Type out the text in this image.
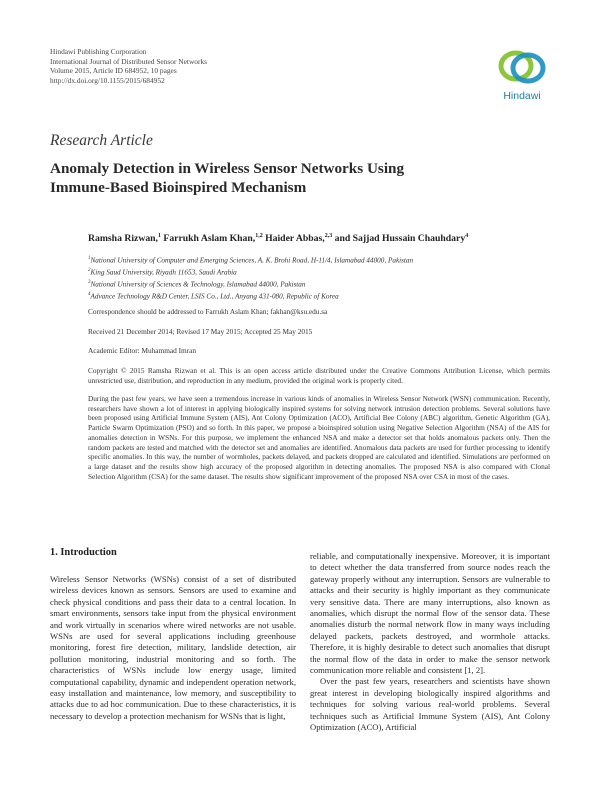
Hindawi Publishing Corporation
International Journal of Distributed Sensor Networks
Volume 2015, Article ID 684952, 10 pages
http://dx.doi.org/10.1155/2015/684952
Hindawi
Research Article
Anomaly Detection in Wireless Sensor Networks Using
Immune-Based Bioinspired Mechanism
Ramsha Rizwan,$^1$ Farrukh Aslam Khan,$^{1,2}$ Haider Abbas,$^{2,3}$ and Sajjad Hussain Chauhdary$^4$
$^1$National University of Computer and Emerging Sciences, A. K. Brohi Road, H-11/4, Islamabad 44000, Pakistan
$^2$King Saud University, Riyadh 11653, Saudi Arabia
$^3$National University of Sciences & Technology, Islamabad 44000, Pakistan
$^4$Advance Technology R&D Center, LSIS Co., Ltd., Anyang 431-080, Republic of Korea
Correspondence should be addressed to Farrukh Aslam Khan; fakhan@ksu.edu.sa
Received 21 December 2014; Revised 17 May 2015; Accepted 25 May 2015
Academic Editor: Muhammad Imran
Copyright © 2015 Ramsha Rizwan et al. This is an open access article distributed under the Creative Commons Attribution License, which permits unrestricted use, distribution, and reproduction in any medium, provided the original work is properly cited.
During the past few years, we have seen a tremendous increase in various kinds of anomalies in Wireless Sensor Network (WSN) communication. Recently, researchers have shown a lot of interest in applying biologically inspired systems for solving network intrusion detection problems. Several solutions have been proposed using Artificial Immune System (AIS), Ant Colony Optimization (ACO), Artificial Bee Colony (ABC) algorithm, Genetic Algorithm (GA), Particle Swarm Optimization (PSO) and so forth. In this paper, we propose a bioinspired solution using Negative Selection Algorithm (NSA) of the AIS for anomalies detection in WSNs. For this purpose, we implement the enhanced NSA and make a detector set that holds anomalous packets only. Then the random packets are tested and matched with the detector set and anomalies are identified. Anomalous data packets are used for further processing to identify specific anomalies. In this way, the number of wormholes, packets delayed, and packets dropped are calculated and identified. Simulations are performed on a large dataset and the results show high accuracy of the proposed algorithm in detecting anomalies. The proposed NSA is also compared with Clonal Selection Algorithm (CSA) for the same dataset. The results show significant improvement of the proposed NSA over CSA in most of the cases.
1. Introduction

Wireless Sensor Networks (WSNs) consist of a set of distributed wireless devices known as sensors. Sensors are used to examine and check physical conditions and pass their data to a central location. In smart environments, sensors take input from the physical environment and work virtually in scenarios where wired networks are not usable. WSNs are used for several applications including greenhouse monitoring, forest fire detection, military, landslide detection, air pollution monitoring, industrial monitoring and so forth. The characteristics of WSNs include low energy usage, limited computational capability, dynamic and independent operation network, easy installation and maintenance, low memory, and susceptibility to attacks due to ad hoc communication. Due to these characteristics, it is necessary to develop a protection mechanism for WSNs that is light,

reliable, and computationally inexpensive. Moreover, it is important to detect whether the data transferred from source nodes reach the gateway properly without any interruption. Sensors are vulnerable to attacks and their security is highly important as they communicate very sensitive data. There are many interruptions, also known as anomalies, which disrupt the normal flow of the sensor data. These anomalies disturb the normal network flow in many ways including delayed packets, packets destroyed, and wormhole attacks. Therefore, it is highly desirable to detect such anomalies that disrupt the normal flow of the data in order to make the sensor network communication more reliable and consistent [1, 2].

Over the past few years, researchers and scientists have shown great interest in developing biologically inspired algorithms and techniques for solving various real-world problems. Several techniques such as Artificial Immune System (AIS), Ant Colony Optimization (ACO), Artificial
